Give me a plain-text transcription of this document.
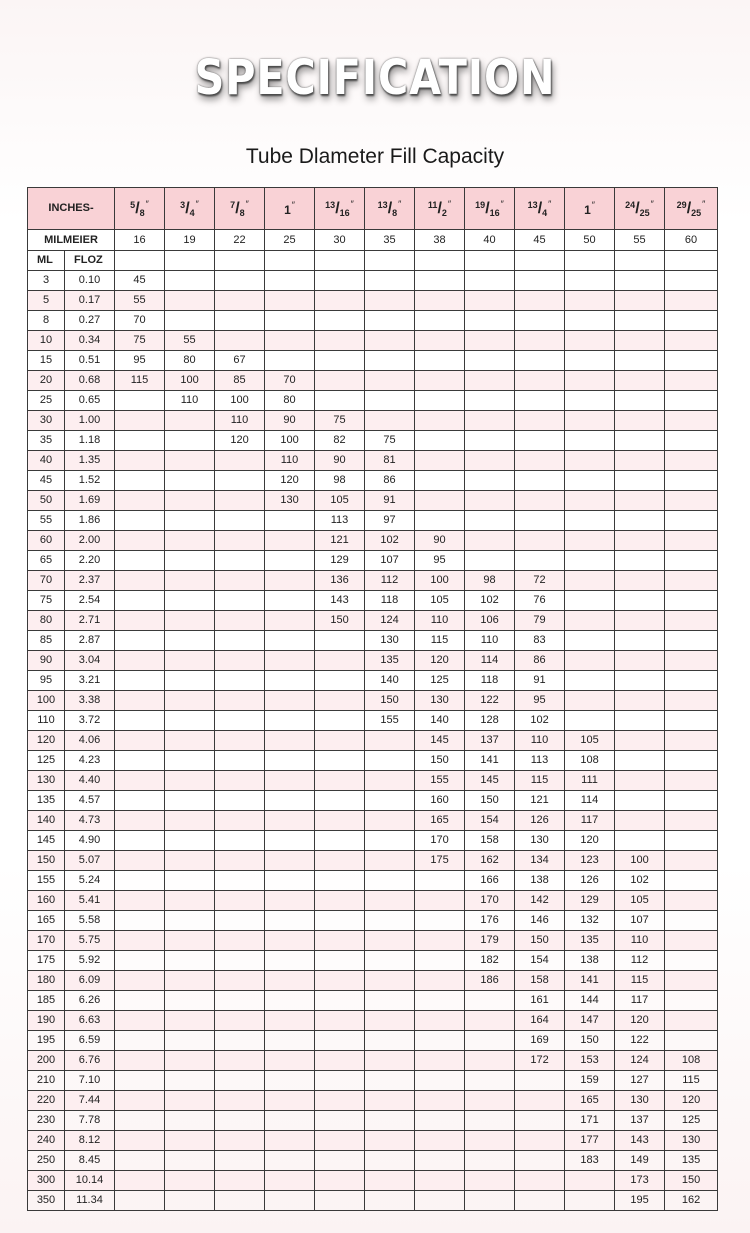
SPECIFICATION
Tube Dlameter Fill Capacity
INCHES-		$^5/_8''$	$^3/_4''$	$^7/_8''$	1″	$^{13}/_{16}''$	$^{13}/_8''$	$^{11}/_2''$	$^{19}/_{16}''$	$^{13}/_4''$	1″	$^{24}/_{25}''$	$^{29}/_{25}''$
MILMEIER		16	19	22	25	30	35	38	40	45	50	55	60
ML	FLOZ												
3	0.10	45											
5	0.17	55											
8	0.27	70											
10	0.34	75	55										
15	0.51	95	80	67									
20	0.68	115	100	85	70								
25	0.65		110	100	80								
30	1.00			110	90	75							
35	1.18			120	100	82	75						
40	1.35				110	90	81						
45	1.52				120	98	86						
50	1.69				130	105	91						
55	1.86					113	97						
60	2.00					121	102	90					
65	2.20					129	107	95					
70	2.37					136	112	100	98	72			
75	2.54					143	118	105	102	76			
80	2.71					150	124	110	106	79			
85	2.87						130	115	110	83			
90	3.04						135	120	114	86			
95	3.21						140	125	118	91			
100	3.38						150	130	122	95			
110	3.72						155	140	128	102			
120	4.06							145	137	110	105		
125	4.23							150	141	113	108		
130	4.40							155	145	115	111		
135	4.57							160	150	121	114		
140	4.73							165	154	126	117		
145	4.90							170	158	130	120		
150	5.07							175	162	134	123	100	
155	5.24								166	138	126	102	
160	5.41								170	142	129	105	
165	5.58								176	146	132	107	
170	5.75								179	150	135	110	
175	5.92								182	154	138	112	
180	6.09								186	158	141	115	
185	6.26									161	144	117	
190	6.63									164	147	120	
195	6.59									169	150	122	
200	6.76									172	153	124	108
210	7.10										159	127	115
220	7.44										165	130	120
230	7.78										171	137	125
240	8.12										177	143	130
250	8.45										183	149	135
300	10.14											173	150
350	11.34											195	162
